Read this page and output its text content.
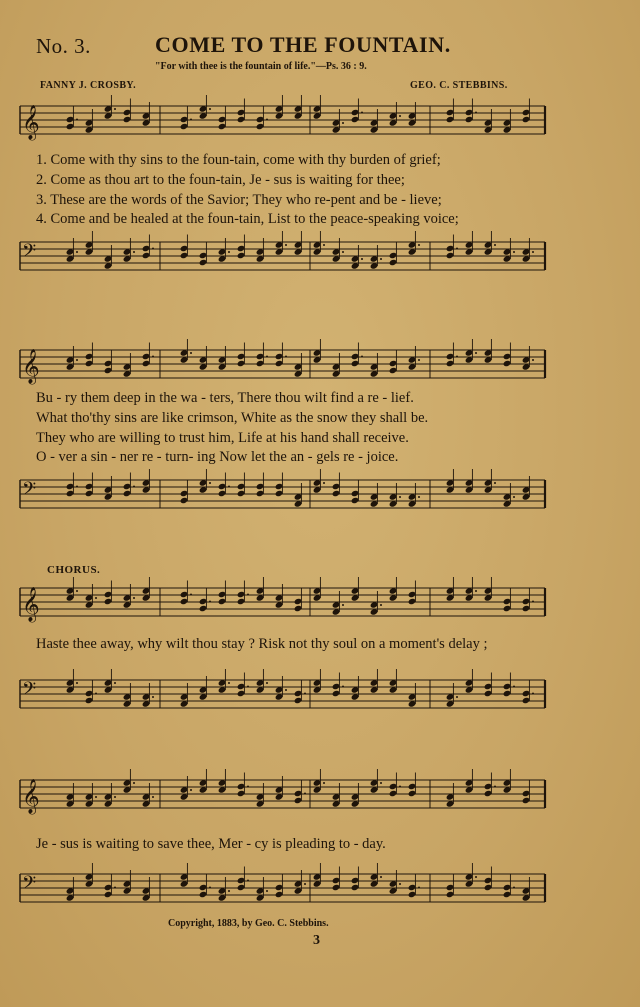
No. 3.	COME TO THE FOUNTAIN.
"For with thee is the fountain of life."—Ps. 36 : 9.
FANNY J. CROSBY.	GEO. C. STEBBINS.
𝄞
𝄢
1. Come with thy sins to the foun-tain, come with thy burden of grief;
2. Come as thou art to the foun-tain, Je - sus is waiting for thee;
3. These are the words of the Savior; They who re-pent and be - lieve;
4. Come and be healed at the foun-tain, List to the peace-speaking voice;
𝄞
𝄢
Bu - ry them deep in the wa - ters, There thou wilt find a re - lief.
What tho'thy sins are like crimson, White as the snow they shall be.
They who are willing to trust him, Life at his hand shall receive.
O - ver a sin - ner re - turn- ing Now let the an - gels re - joice.
CHORUS.
𝄞
Haste thee away, why wilt thou stay ? Risk not thy soul on a moment's delay ;
𝄢
𝄞
Je - sus is waiting to save thee, Mer - cy is pleading to - day.
𝄢
Copyright, 1883, by Geo. C. Stebbins.
3
